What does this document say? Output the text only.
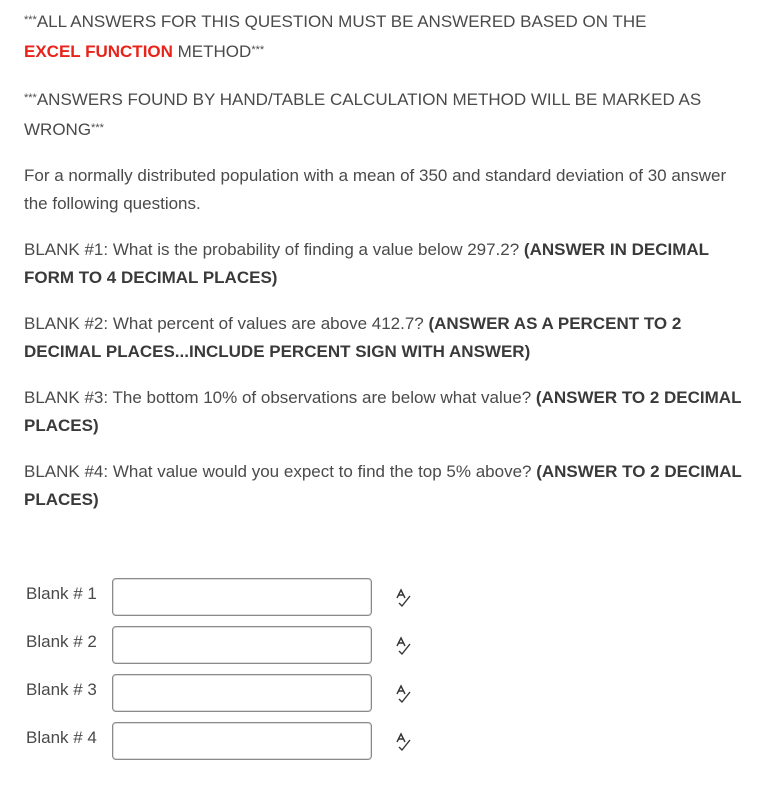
***ALL ANSWERS FOR THIS QUESTION MUST BE ANSWERED BASED ON THE
EXCEL FUNCTION METHOD***

***ANSWERS FOUND BY HAND/TABLE CALCULATION METHOD WILL BE MARKED AS WRONG***

For a normally distributed population with a mean of 350 and standard deviation of 30 answer the following questions.

BLANK #1: What is the probability of finding a value below 297.2? (ANSWER IN DECIMAL FORM TO 4 DECIMAL PLACES)

BLANK #2: What percent of values are above 412.7? (ANSWER AS A PERCENT TO 2 DECIMAL PLACES...INCLUDE PERCENT SIGN WITH ANSWER)

BLANK #3: The bottom 10% of observations are below what value? (ANSWER TO 2 DECIMAL PLACES)

BLANK #4: What value would you expect to find the top 5% above? (ANSWER TO 2 DECIMAL PLACES)

Blank # 1
Blank # 2
Blank # 3
Blank # 4
